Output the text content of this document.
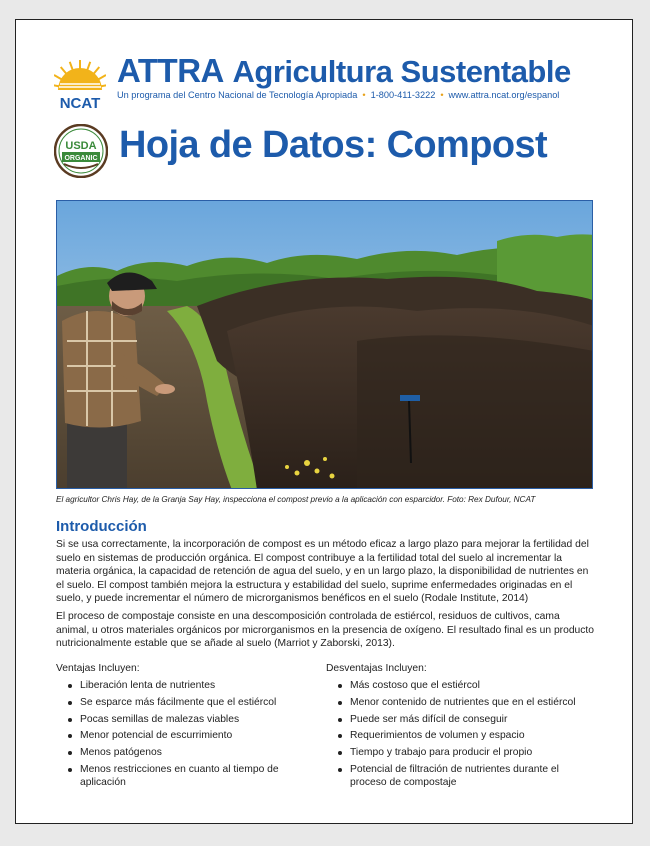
NCAT
ATTRA Agricultura Sustentable
Un programa del Centro Nacional de Tecnología Apropiada • 1-800-411-3222 • www.attra.ncat.org/espanol
USDA
ORGANIC Hoja de Datos: Compost
El agricultor Chris Hay, de la Granja Say Hay, inspecciona el compost previo a la aplicación con esparcidor. Foto: Rex Dufour, NCAT
Introducción

Si se usa correctamente, la incorporación de compost es un método eficaz a largo plazo para mejorar la fertilidad del suelo en sistemas de producción orgánica. El compost contribuye a la fertilidad total del suelo al incrementar la materia orgánica, la capacidad de retención de agua del suelo, y en un largo plazo, la disponibilidad de nutrientes en el suelo. El compost también mejora la estructura y estabilidad del suelo, suprime enfermedades originadas en el suelo, y puede incrementar el número de microrganismos benéficos en el suelo (Rodale Institute, 2014)

El proceso de compostaje consiste en una descomposición controlada de estiércol, residuos de cultivos, cama animal, u otros materiales orgánicos por microrganismos en la presencia de oxígeno. El resultado final es un producto nutricionalmente estable que se añade al suelo (Marriot y Zaborski, 2013).

Ventajas Incluyen:

Liberación lenta de nutrientes
Se esparce más fácilmente que el estiércol
Pocas semillas de malezas viables
Menor potencial de escurrimiento
Menos patógenos
Menos restricciones en cuanto al tiempo de aplicación

Desventajas Incluyen:

Más costoso que el estiércol
Menor contenido de nutrientes que en el estiércol
Puede ser más difícil de conseguir
Requerimientos de volumen y espacio
Tiempo y trabajo para producir el propio
Potencial de filtración de nutrientes durante el proceso de compostaje
